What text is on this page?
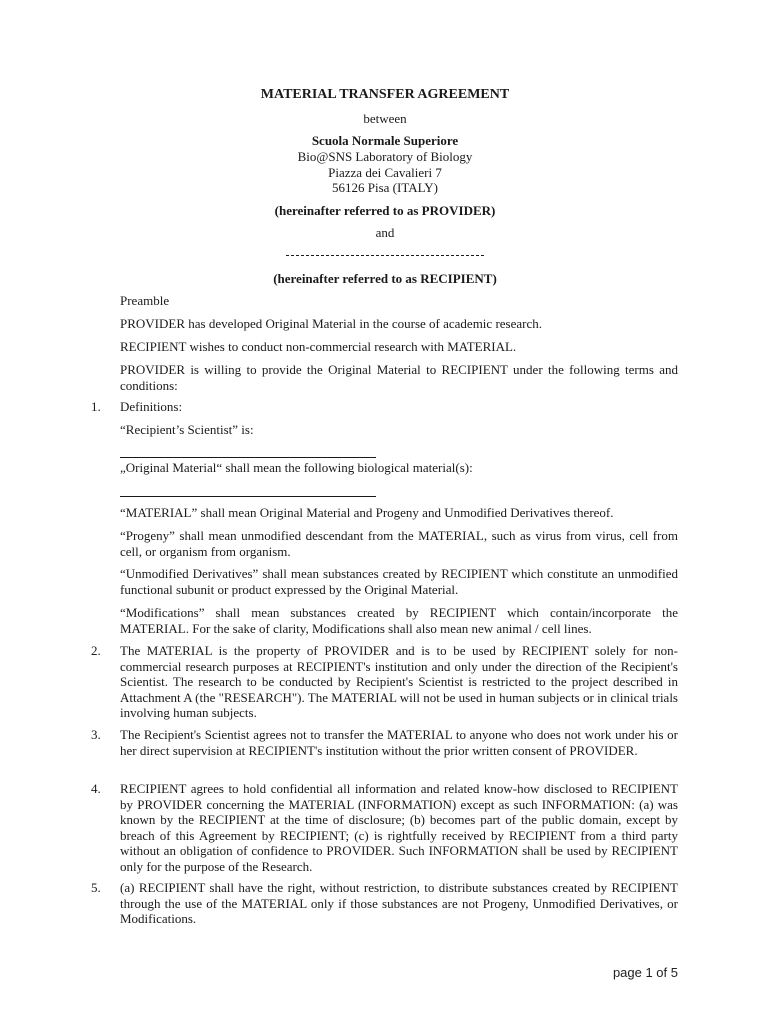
MATERIAL TRANSFER AGREEMENT
between
Scuola Normale Superiore
Bio@SNS Laboratory of Biology
Piazza dei Cavalieri 7
56126 Pisa (ITALY)
(hereinafter referred to as PROVIDER)
and
(hereinafter referred to as RECIPIENT)
Preamble
PROVIDER has developed Original Material in the course of academic research.
RECIPIENT wishes to conduct non-commercial research with MATERIAL.
PROVIDER is willing to provide the Original Material to RECIPIENT under the following terms and conditions:
1. Definitions:
“Recipient’s Scientist” is:
„Original Material“ shall mean the following biological material(s):
“MATERIAL” shall mean Original Material and Progeny and Unmodified Derivatives thereof.
“Progeny” shall mean unmodified descendant from the MATERIAL, such as virus from virus, cell from cell, or organism from organism.
“Unmodified Derivatives” shall mean substances created by RECIPIENT which constitute an unmodified functional subunit or product expressed by the Original Material.
“Modifications” shall mean substances created by RECIPIENT which contain/incorporate the MATERIAL. For the sake of clarity, Modifications shall also mean new animal / cell lines.
2. The MATERIAL is the property of PROVIDER and is to be used by RECIPIENT solely for non-commercial research purposes at RECIPIENT's institution and only under the direction of the Recipient's Scientist. The research to be conducted by Recipient's Scientist is restricted to the project described in Attachment A (the "RESEARCH"). The MATERIAL will not be used in human subjects or in clinical trials involving human subjects.
3. The Recipient's Scientist agrees not to transfer the MATERIAL to anyone who does not work under his or her direct supervision at RECIPIENT's institution without the prior written consent of PROVIDER.
4. RECIPIENT agrees to hold confidential all information and related know-how disclosed to RECIPIENT by PROVIDER concerning the MATERIAL (INFORMATION) except as such INFORMATION: (a) was known by the RECIPIENT at the time of disclosure; (b) becomes part of the public domain, except by breach of this Agreement by RECIPIENT; (c) is rightfully received by RECIPIENT from a third party without an obligation of confidence to PROVIDER. Such INFORMATION shall be used by RECIPIENT only for the purpose of the Research.
5. (a) RECIPIENT shall have the right, without restriction, to distribute substances created by RECIPIENT through the use of the MATERIAL only if those substances are not Progeny, Unmodified Derivatives, or Modifications.
page 1 of 5
